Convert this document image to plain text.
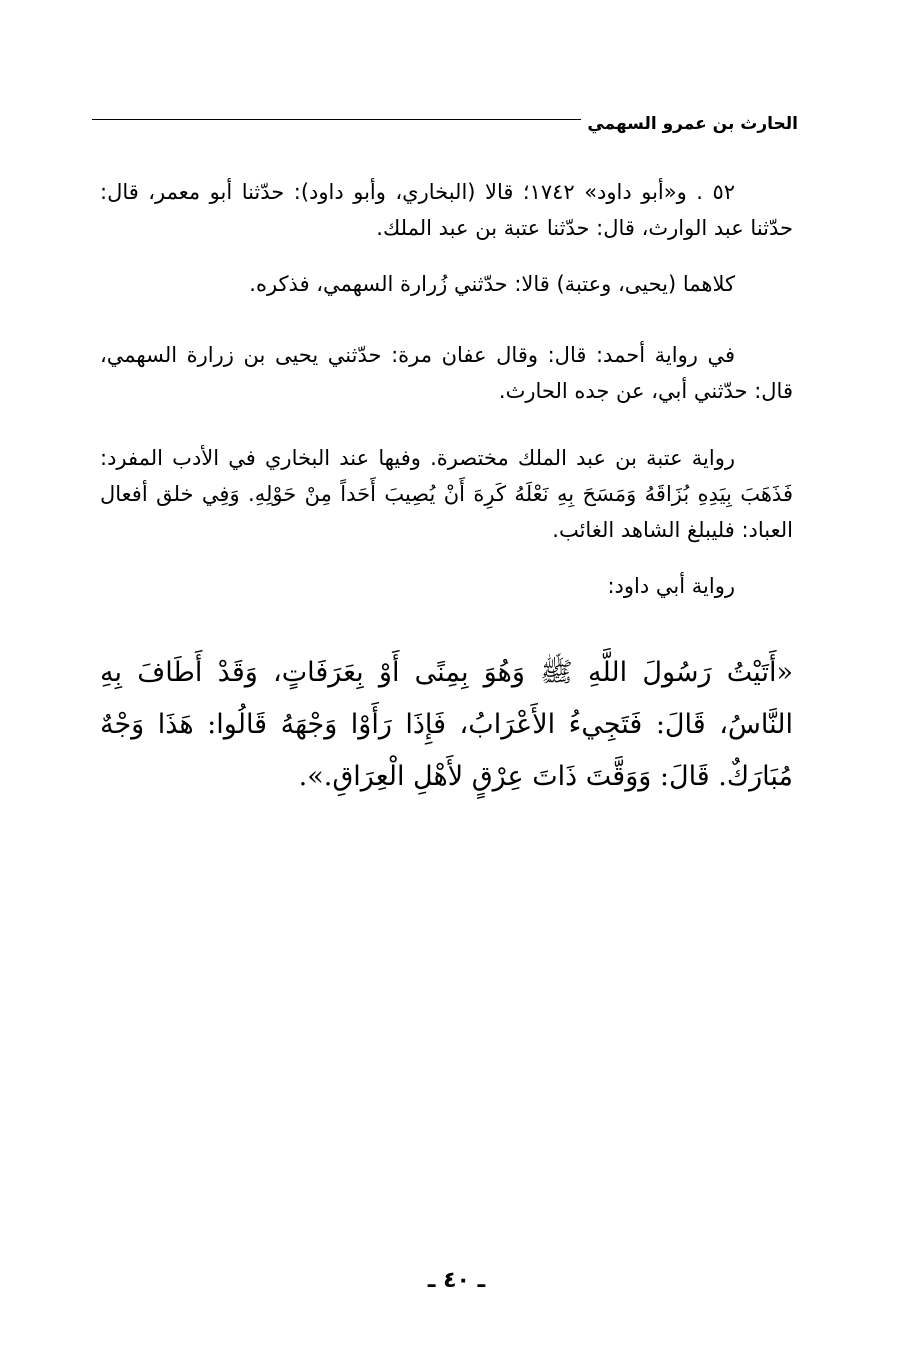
الحارث بن عمرو السهمي

٥٢ . و«أبو داود» ١٧٤٢؛ قالا (البخاري، وأبو داود): حدّثنا أبو معمر، قال: حدّثنا عبد الوارث، قال: حدّثنا عتبة بن عبد الملك.

كلاهما (يحيى، وعتبة) قالا: حدّثني زُرارة السهمي، فذكره.

في رواية أحمد: قال: وقال عفان مرة: حدّثني يحيى بن زرارة السهمي، قال: حدّثني أبي، عن جده الحارث.

رواية عتبة بن عبد الملك مختصرة. وفيها عند البخاري في الأدب المفرد: فَذَهَبَ بِيَدِهِ بُزَاقَهُ وَمَسَحَ بِهِ نَعْلَهُ كَرِهَ أَنْ يُصِيبَ أَحَداً مِنْ حَوْلِهِ. وَفِي خلق أفعال العباد: فليبلغ الشاهد الغائب.

رواية أبي داود:

«أَتَيْتُ رَسُولَ اللَّهِ ﷺ وَهُوَ بِمِنًى أَوْ بِعَرَفَاتٍ، وَقَدْ أَطَافَ بِهِ النَّاسُ، قَالَ: فَتَجِيءُ الأَعْرَابُ، فَإِذَا رَأَوْا وَجْهَهُ قَالُوا: هَذَا وَجْهٌ مُبَارَكٌ. قَالَ: وَوَقَّتَ ذَاتَ عِرْقٍ لأَهْلِ الْعِرَاقِ.».

ـ ٤٠ ـ
